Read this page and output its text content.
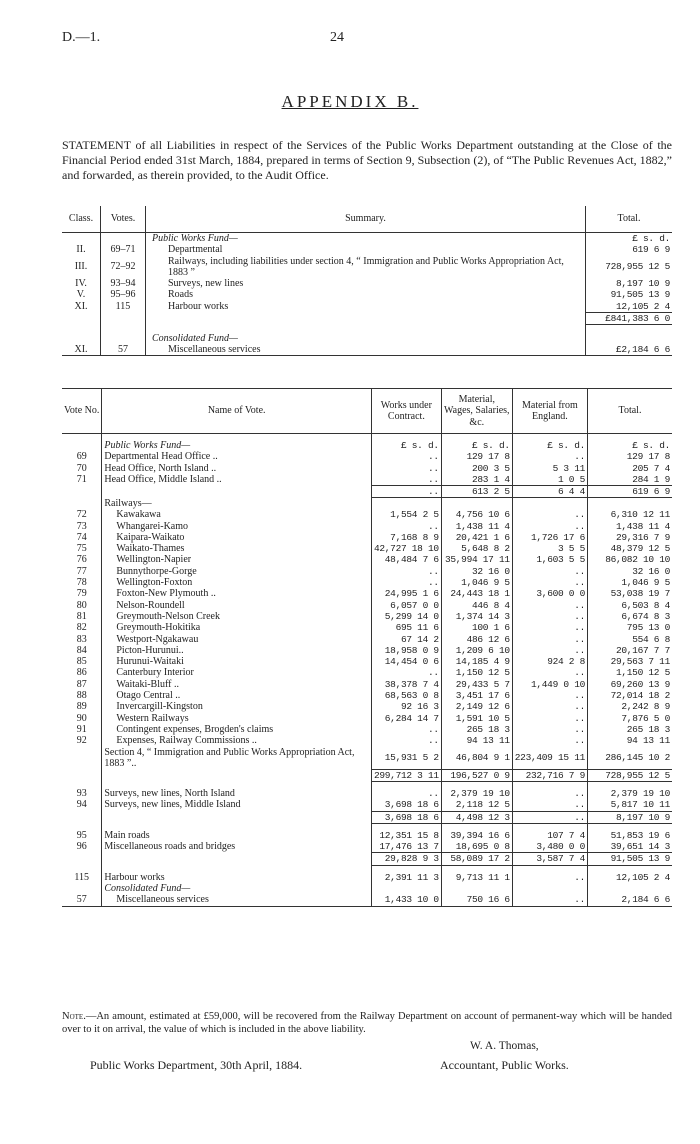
D.—1.	24
APPENDIX B.
STATEMENT of all Liabilities in respect of the Services of the Public Works Department outstanding at the Close of the Financial Period ended 31st March, 1884, prepared in terms of Section 9, Subsection (2), of “The Public Revenues Act, 1882,” and forwarded, as therein provided, to the Audit Office.
Class.	Votes.	Summary.	Total.
		Public Works Fund—	£ s. d.
II.	69–71	Departmental	619 6 9
III.	72–92	Railways, including liabilities under section 4, “ Immigration and Public Works Appropriation Act, 1883 ”	728,955 12 5
IV.	93–94	Surveys, new lines	8,197 10 9
V.	95–96	Roads	91,505 13 9
XI.	115	Harbour works	12,105 2 4
			£841,383 6 0
		Consolidated Fund—	
XI.	57	Miscellaneous services	£2,184 6 6
Vote No.	Name of Vote.	Works under Contract.	Material, Wages, Salaries, &c.	Material from England.	Total.

	Public Works Fund—	£ s. d.	£ s. d.	£ s. d.	£ s. d.
69	Departmental Head Office ..	..	129 17 8	..	129 17 8
70	Head Office, North Island ..	..	200 3 5	5 3 11	205 7 4
71	Head Office, Middle Island ..	..	283 1 4	1 0 5	284 1 9
		..	613 2 5	6 4 4	619 6 9
	Railways—				
72	Kawakawa	1,554 2 5	4,756 10 6	..	6,310 12 11
73	Whangarei-Kamo	..	1,438 11 4	..	1,438 11 4
74	Kaipara-Waikato	7,168 8 9	20,421 1 6	1,726 17 6	29,316 7 9
75	Waikato-Thames	42,727 18 10	5,648 8 2	3 5 5	48,379 12 5
76	Wellington-Napier	48,484 7 6	35,994 17 11	1,603 5 5	86,082 10 10
77	Bunnythorpe-Gorge	..	32 16 0	..	32 16 0
78	Wellington-Foxton	..	1,046 9 5	..	1,046 9 5
79	Foxton-New Plymouth ..	24,995 1 6	24,443 18 1	3,600 0 0	53,038 19 7
80	Nelson-Roundell	6,057 0 0	446 8 4	..	6,503 8 4
81	Greymouth-Nelson Creek	5,299 14 0	1,374 14 3	..	6,674 8 3
82	Greymouth-Hokitika	695 11 6	100 1 6	..	795 13 0
83	Westport-Ngakawau	67 14 2	486 12 6	..	554 6 8
84	Picton-Hurunui..	18,958 0 9	1,209 6 10	..	20,167 7 7
85	Hurunui-Waitaki	14,454 0 6	14,185 4 9	924 2 8	29,563 7 11
86	Canterbury Interior	..	1,150 12 5	..	1,150 12 5
87	Waitaki-Bluff ..	38,378 7 4	29,433 5 7	1,449 0 10	69,260 13 9
88	Otago Central ..	68,563 0 8	3,451 17 6	..	72,014 18 2
89	Invercargill-Kingston	92 16 3	2,149 12 6	..	2,242 8 9
90	Western Railways	6,284 14 7	1,591 10 5	..	7,876 5 0
91	Contingent expenses, Brogden's claims	..	265 18 3	..	265 18 3
92	Expenses, Railway Commissions ..	..	94 13 11	..	94 13 11
	Section 4, “ Immigration and Public Works Appropriation Act, 1883 ”..	15,931 5 2	46,804 9 1	223,409 15 11	286,145 10 2
		299,712 3 11	196,527 0 9	232,716 7 9	728,955 12 5

93	Surveys, new lines, North Island	..	2,379 19 10	..	2,379 19 10
94	Surveys, new lines, Middle Island	3,698 18 6	2,118 12 5	..	5,817 10 11
		3,698 18 6	4,498 12 3	..	8,197 10 9

95	Main roads	12,351 15 8	39,394 16 6	107 7 4	51,853 19 6
96	Miscellaneous roads and bridges	17,476 13 7	18,695 0 8	3,480 0 0	39,651 14 3
		29,828 9 3	58,089 17 2	3,587 7 4	91,505 13 9

115	Harbour works	2,391 11 3	9,713 11 1	..	12,105 2 4
	Consolidated Fund—				
57	Miscellaneous services	1,433 10 0	750 16 6	..	2,184 6 6
Note.—An amount, estimated at £59,000, will be recovered from the Railway Department on account of permanent-way which will be handed over to it on arrival, the value of which is included in the above liability.
W. A. Thomas,
Public Works Department, 30th April, 1884.	Accountant, Public Works.
